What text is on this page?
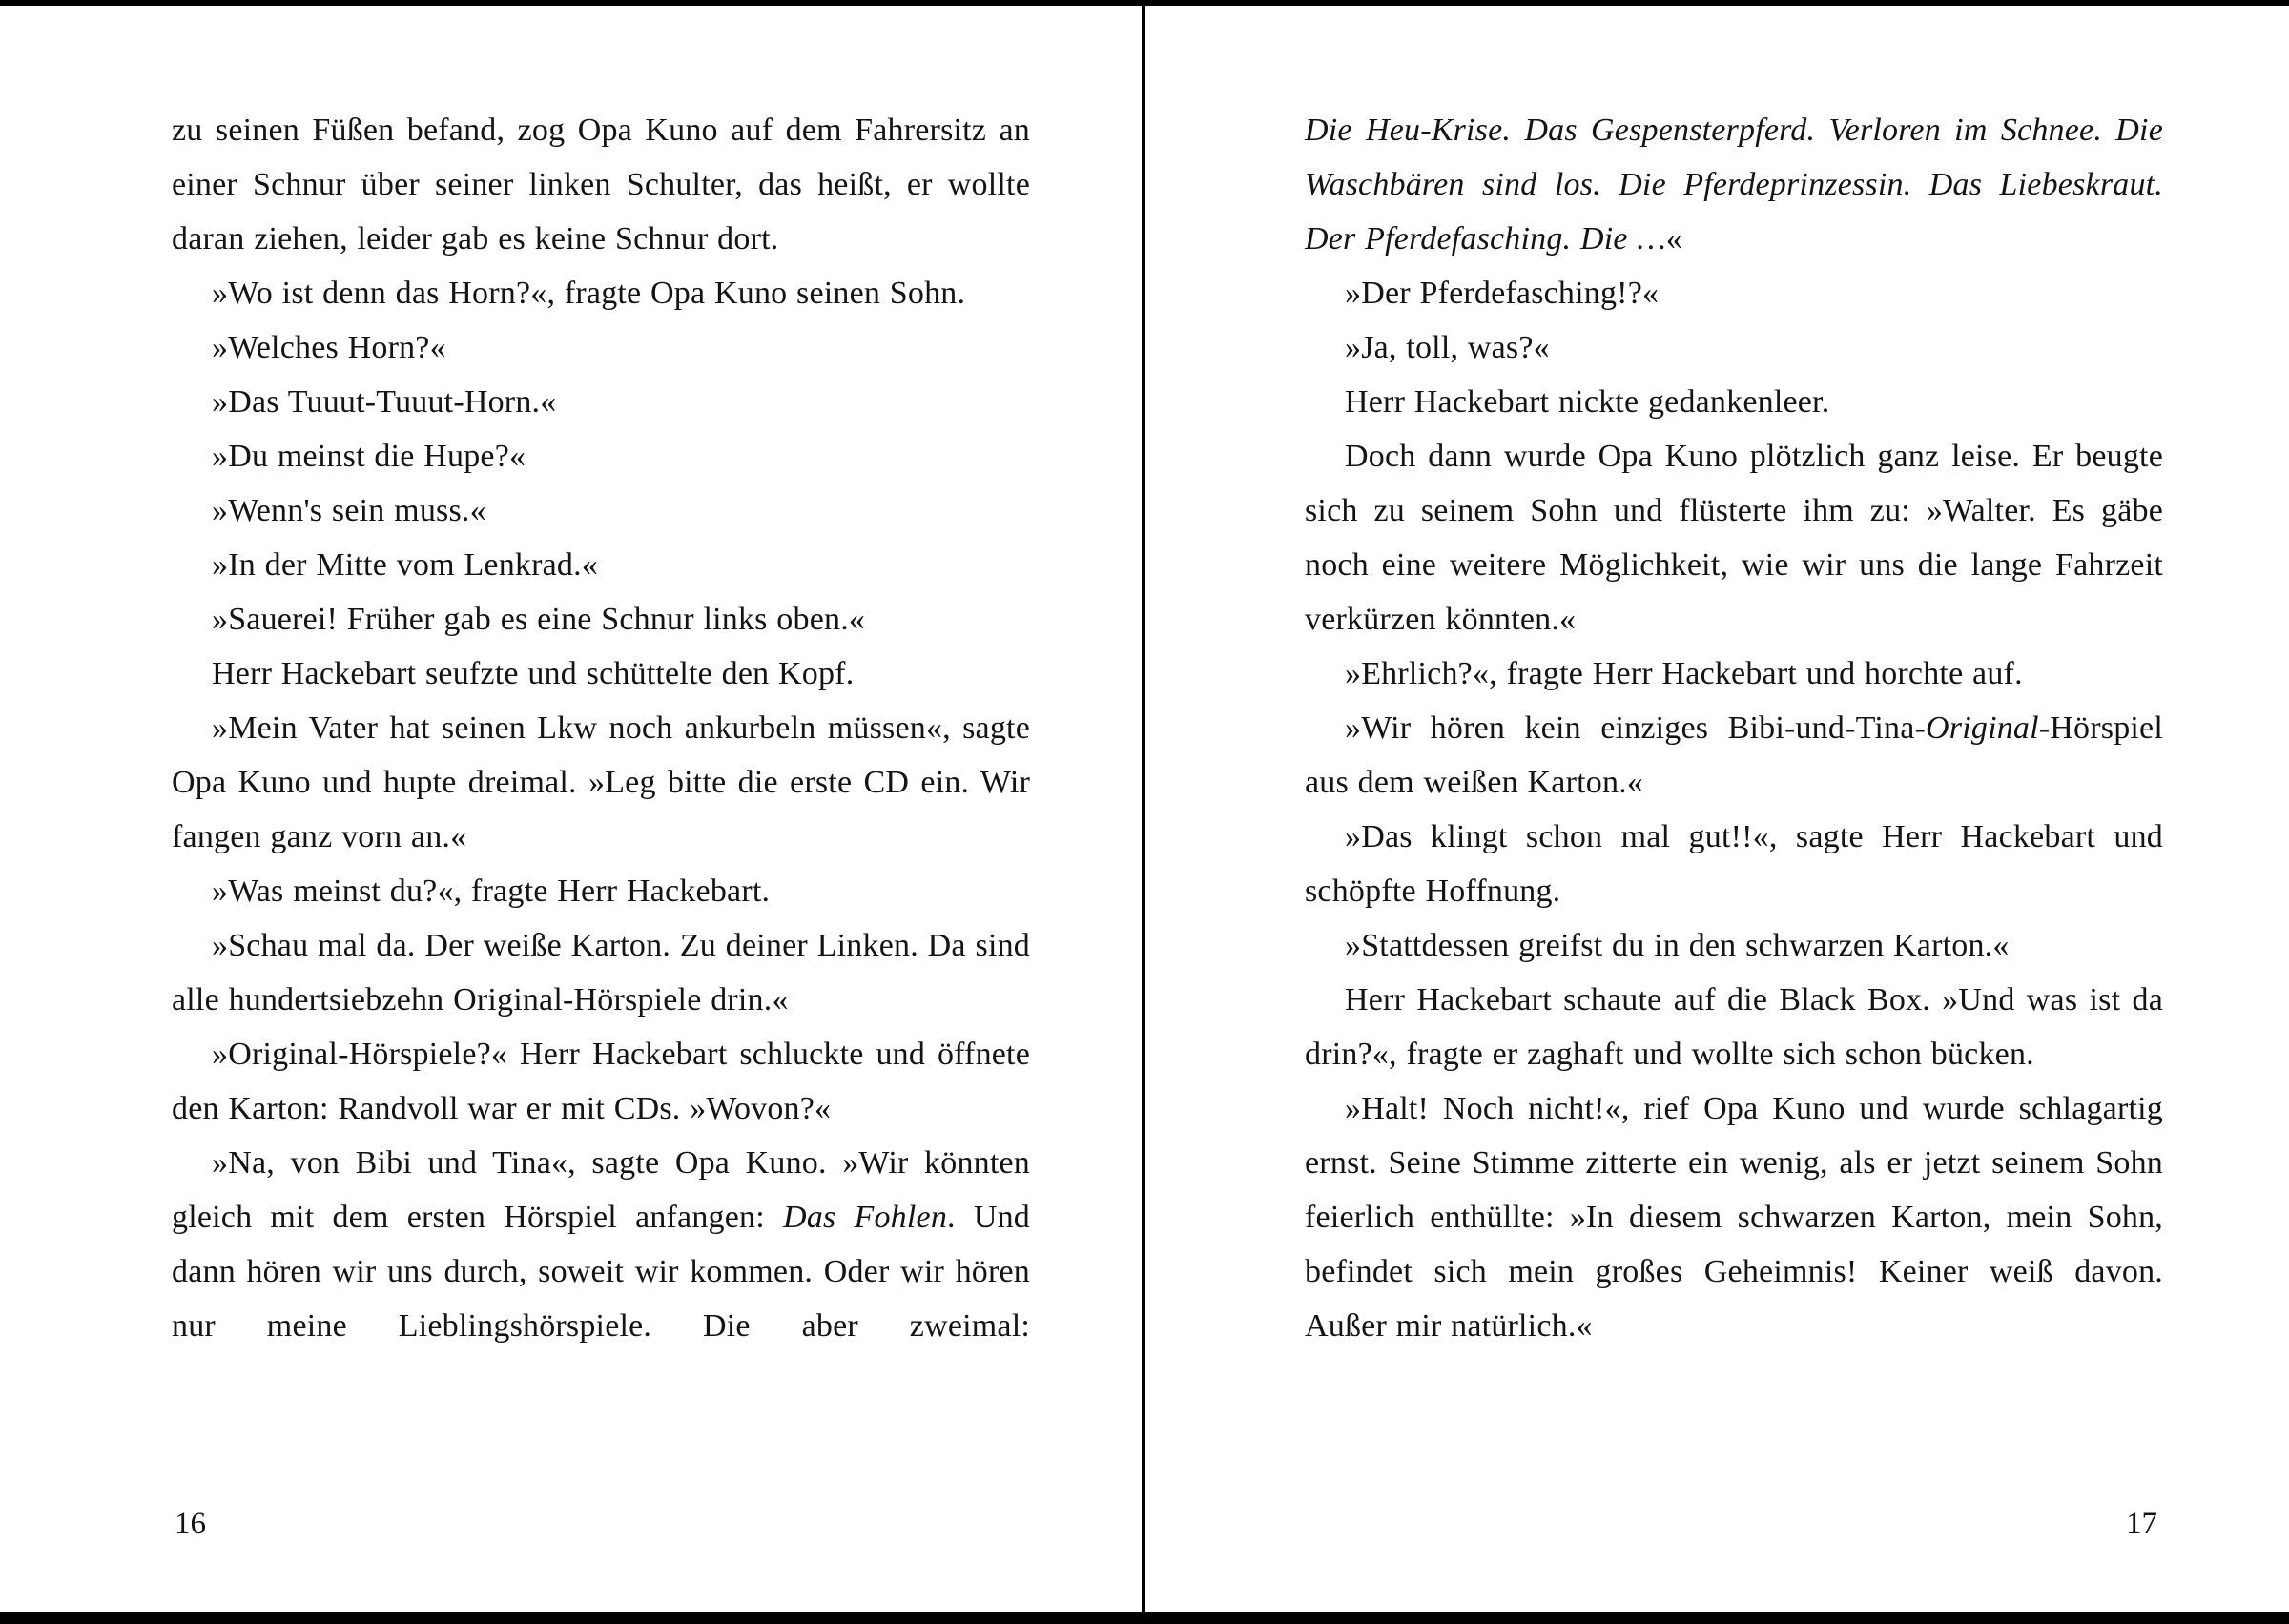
zu seinen Füßen befand, zog Opa Kuno auf dem Fahrersitz an einer Schnur über seiner linken Schulter, das heißt, er wollte daran ziehen, leider gab es keine Schnur dort.

»Wo ist denn das Horn?«, fragte Opa Kuno seinen Sohn.

»Welches Horn?«

»Das Tuuut-Tuuut-Horn.«

»Du meinst die Hupe?«

»Wenn's sein muss.«

»In der Mitte vom Lenkrad.«

»Sauerei! Früher gab es eine Schnur links oben.«

Herr Hackebart seufzte und schüttelte den Kopf.

»Mein Vater hat seinen Lkw noch ankurbeln müssen«, sagte Opa Kuno und hupte dreimal. »Leg bitte die erste CD ein. Wir fangen ganz vorn an.«

»Was meinst du?«, fragte Herr Hackebart.

»Schau mal da. Der weiße Karton. Zu deiner Linken. Da sind alle hundertsiebzehn Original-Hörspiele drin.«

»Original-Hörspiele?« Herr Hackebart schluckte und öffnete den Karton: Randvoll war er mit CDs. »Wovon?«

»Na, von Bibi und Tina«, sagte Opa Kuno. »Wir könnten gleich mit dem ersten Hörspiel anfangen: Das Fohlen. Und dann hören wir uns durch, soweit wir kommen. Oder wir hören nur meine Lieblingshörspiele. Die aber zweimal:

16

Die Heu-Krise. Das Gespensterpferd. Verloren im Schnee. Die Waschbären sind los. Die Pferdeprinzessin. Das Liebeskraut. Der Pferdefasching. Die …«

»Der Pferdefasching!?«

»Ja, toll, was?«

Herr Hackebart nickte gedankenleer.

Doch dann wurde Opa Kuno plötzlich ganz leise. Er beugte sich zu seinem Sohn und flüsterte ihm zu: »Walter. Es gäbe noch eine weitere Möglichkeit, wie wir uns die lange Fahrzeit verkürzen könnten.«

»Ehrlich?«, fragte Herr Hackebart und horchte auf.

»Wir hören kein einziges Bibi-und-Tina-Original-Hörspiel aus dem weißen Karton.«

»Das klingt schon mal gut!!«, sagte Herr Hackebart und schöpfte Hoffnung.

»Stattdessen greifst du in den schwarzen Karton.«

Herr Hackebart schaute auf die Black Box. »Und was ist da drin?«, fragte er zaghaft und wollte sich schon bücken.

»Halt! Noch nicht!«, rief Opa Kuno und wurde schlagartig ernst. Seine Stimme zitterte ein wenig, als er jetzt seinem Sohn feierlich enthüllte: »In diesem schwarzen Karton, mein Sohn, befindet sich mein großes Geheimnis! Keiner weiß davon. Außer mir natürlich.«

17
